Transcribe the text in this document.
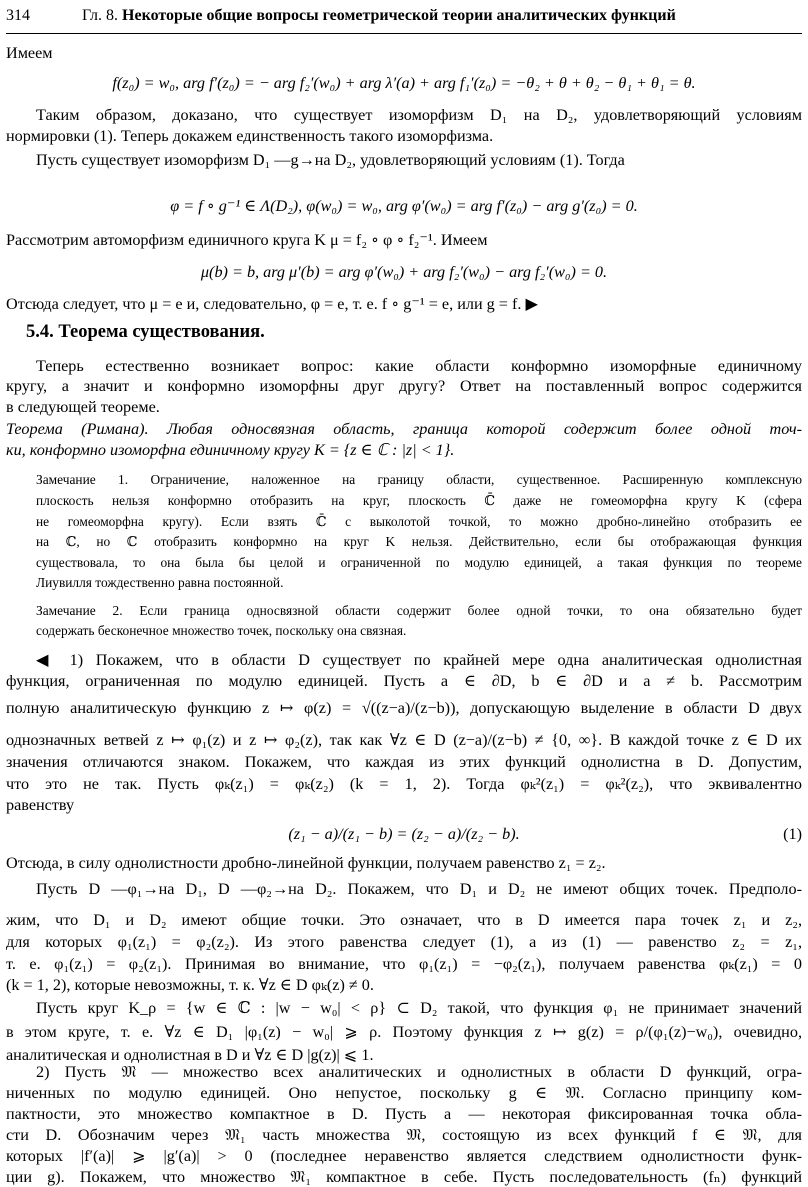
314	Гл. 8. Некоторые общие вопросы геометрической теории аналитических функций
Имеем
f(z₀) = w₀, arg f′(z₀) = − arg f₂′(w₀) + arg λ′(a) + arg f₁′(z₀) = −θ₂ + θ + θ₂ − θ₁ + θ₁ = θ.
Таким образом, доказано, что существует изоморфизм D₁ на D₂, удовлетворяющий условиям
нормировки (1). Теперь докажем единственность такого изоморфизма.
Пусть существует изоморфизм D₁ —g→на D₂, удовлетворяющий условиям (1). Тогда
φ = f ∘ g⁻¹ ∈ Λ(D₂), φ(w₀) = w₀, arg φ′(w₀) = arg f′(z₀) − arg g′(z₀) = 0.
Рассмотрим автоморфизм единичного круга K μ = f₂ ∘ φ ∘ f₂⁻¹. Имеем
μ(b) = b, arg μ′(b) = arg φ′(w₀) + arg f₂′(w₀) − arg f₂′(w₀) = 0.
Отсюда следует, что μ = e и, следовательно, φ = e, т. е. f ∘ g⁻¹ = e, или g = f. ▶
5.4. Теорема существования.
Теперь естественно возникает вопрос: какие области конформно изоморфные единичному
кругу, а значит и конформно изоморфны друг другу? Ответ на поставленный вопрос содержится
в следующей теореме.
Теорема (Римана). Любая односвязная область, граница которой содержит более одной точ-
ки, конформно изоморфна единичному кругу K = {z ∈ ℂ : |z| < 1}.
Замечание 1. Ограничение, наложенное на границу области, существенное. Расширенную комплексную
плоскость нельзя конформно отобразить на круг, плоскость ℂ̄ даже не гомеоморфна кругу K (сфера
не гомеоморфна кругу). Если взять ℂ̄ с выколотой точкой, то можно дробно-линейно отобразить ее
на ℂ, но ℂ отобразить конформно на круг K нельзя. Действительно, если бы отображающая функция
существовала, то она была бы целой и ограниченной по модулю единицей, а такая функция по теореме
Лиувилля тождественно равна постоянной.
Замечание 2. Если граница односвязной области содержит более одной точки, то она обязательно будет
содержать бесконечное множество точек, поскольку она связная.
◀ 1) Покажем, что в области D существует по крайней мере одна аналитическая однолистная
функция, ограниченная по модулю единицей. Пусть a ∈ ∂D, b ∈ ∂D и a ≠ b. Рассмотрим
полную аналитическую функцию z ↦ φ(z) = √((z−a)/(z−b)), допускающую выделение в области D двух
однозначных ветвей z ↦ φ₁(z) и z ↦ φ₂(z), так как ∀z ∈ D (z−a)/(z−b) ≠ {0, ∞}. В каждой точке z ∈ D их
значения отличаются знаком. Покажем, что каждая из этих функций однолистна в D. Допустим,
что это не так. Пусть φₖ(z₁) = φₖ(z₂) (k = 1, 2). Тогда φₖ²(z₁) = φₖ²(z₂), что эквивалентно
равенству
(z₁ − a)/(z₁ − b) = (z₂ − a)/(z₂ − b).	(1)
Отсюда, в силу однолистности дробно-линейной функции, получаем равенство z₁ = z₂.
Пусть D —φ₁→на D₁, D —φ₂→на D₂. Покажем, что D₁ и D₂ не имеют общих точек. Предполо-
жим, что D₁ и D₂ имеют общие точки. Это означает, что в D имеется пара точек z₁ и z₂,
для которых φ₁(z₁) = φ₂(z₂). Из этого равенства следует (1), а из (1) — равенство z₂ = z₁,
т. е. φ₁(z₁) = φ₂(z₁). Принимая во внимание, что φ₁(z₁) = −φ₂(z₁), получаем равенства φₖ(z₁) = 0
(k = 1, 2), которые невозможны, т. к. ∀z ∈ D φₖ(z) ≠ 0.
Пусть круг K_ρ = {w ∈ ℂ : |w − w₀| < ρ} ⊂ D₂ такой, что функция φ₁ не принимает значений
в этом круге, т. е. ∀z ∈ D₁ |φ₁(z) − w₀| ⩾ ρ. Поэтому функция z ↦ g(z) = ρ/(φ₁(z)−w₀), очевидно,
аналитическая и однолистная в D и ∀z ∈ D |g(z)| ⩽ 1.
2) Пусть 𝔐 — множество всех аналитических и однолистных в области D функций, огра-
ниченных по модулю единицей. Оно непустое, поскольку g ∈ 𝔐. Согласно принципу ком-
пактности, это множество компактное в D. Пусть a — некоторая фиксированная точка обла-
сти D. Обозначим через 𝔐₁ часть множества 𝔐, состоящую из всех функций f ∈ 𝔐, для
которых |f′(a)| ⩾ |g′(a)| > 0 (последнее неравенство является следствием однолистности функ-
ции g). Покажем, что множество 𝔐₁ компактное в себе. Пусть последовательность (fₙ) функций
